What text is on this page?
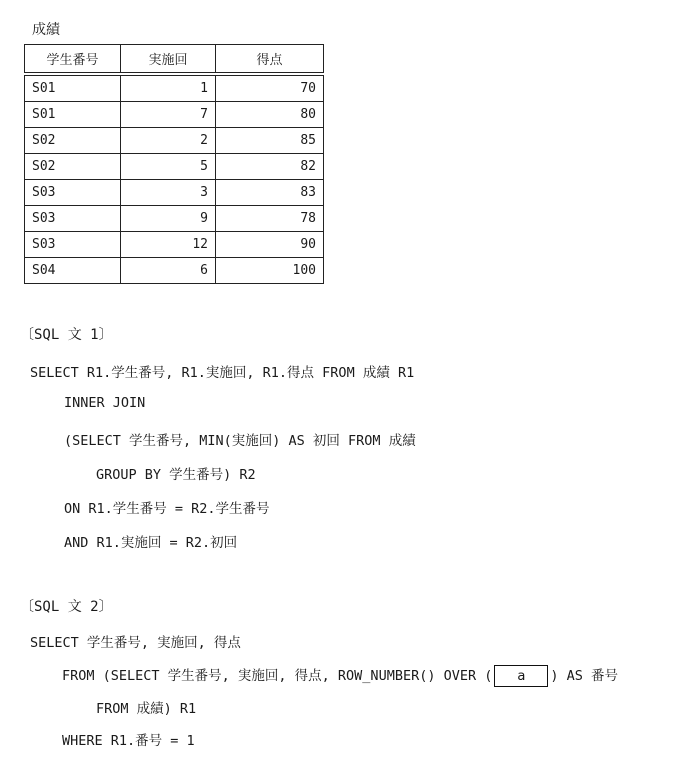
成績
学生番号	実施回	得点
S01	1	70
S01	7	80
S02	2	85
S02	5	82
S03	3	83
S03	9	78
S03	12	90
S04	6	100
〔SQL 文 1〕
SELECT R1.学生番号, R1.実施回, R1.得点 FROM 成績 R1
INNER JOIN
(SELECT 学生番号, MIN(実施回) AS 初回 FROM 成績
GROUP BY 学生番号) R2
ON R1.学生番号 = R2.学生番号
AND R1.実施回 = R2.初回
〔SQL 文 2〕
SELECT 学生番号, 実施回, 得点
FROM (SELECT 学生番号, 実施回, 得点, ROW_NUMBER() OVER ( a ) AS 番号
FROM 成績) R1
WHERE R1.番号 = 1
